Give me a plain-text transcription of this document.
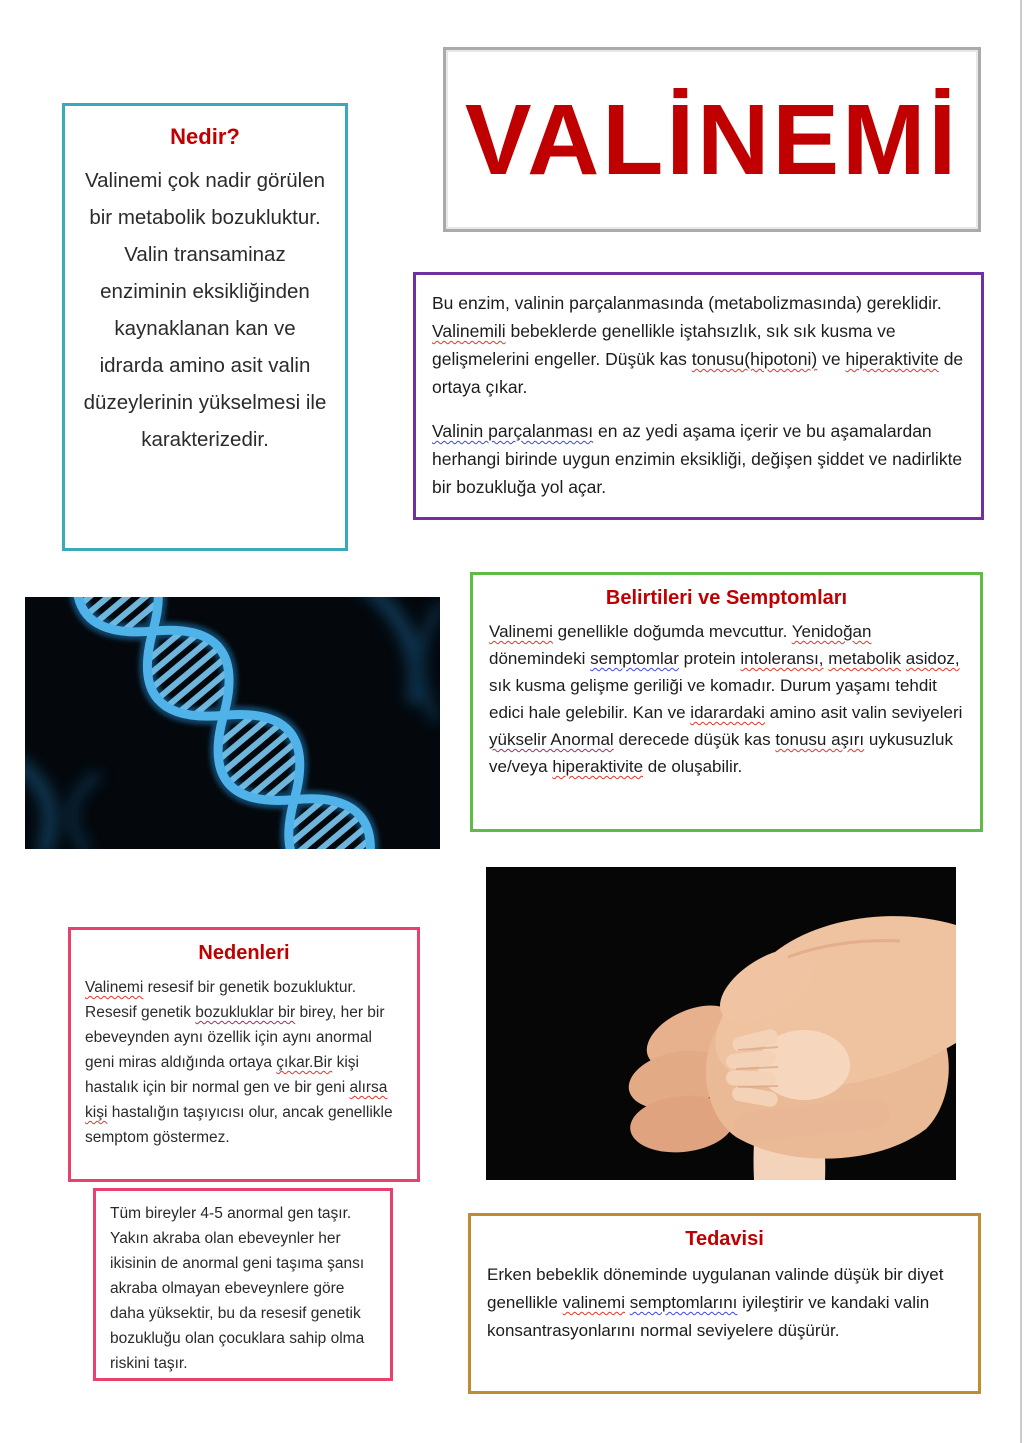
VALİNEMİ
Nedir?

Valinemi çok nadir görülen bir metabolik bozukluktur. Valin transaminaz enziminin eksikliğinden kaynaklanan kan ve idrarda amino asit valin düzeylerinin yükselmesi ile karakterizedir.

Bu enzim, valinin parçalanmasında (metabolizmasında) gereklidir. Valinemili bebeklerde genellikle iştahsızlık, sık sık kusma ve gelişmelerini engeller. Düşük kas tonusu(hipotoni) ve hiperaktivite de ortaya çıkar.

Valinin parçalanması en az yedi aşama içerir ve bu aşamalardan herhangi birinde uygun enzimin eksikliği, değişen şiddet ve nadirlikte bir bozukluğa yol açar.

Belirtileri ve Semptomları

Valinemi genellikle doğumda mevcuttur. Yenidoğan dönemindeki semptomlar protein intoleransı, metabolik asidoz, sık kusma gelişme geriliği ve komadır. Durum yaşamı tehdit edici hale gelebilir. Kan ve idarardaki amino asit valin seviyeleri yükselir Anormal derecede düşük kas tonusu aşırı uykusuzluk ve/veya hiperaktivite de oluşabilir.

Nedenleri

Valinemi resesif bir genetik bozukluktur. Resesif genetik bozukluklar bir birey, her bir ebeveynden aynı özellik için aynı anormal geni miras aldığında ortaya çıkar.Bir kişi hastalık için bir normal gen ve bir geni alırsa kişi hastalığın taşıyıcısı olur, ancak genellikle semptom göstermez.

Tüm bireyler 4-5 anormal gen taşır. Yakın akraba olan ebeveynler her ikisinin de anormal geni taşıma şansı akraba olmayan ebeveynlere göre daha yüksektir, bu da resesif genetik bozukluğu olan çocuklara sahip olma riskini taşır.

Tedavisi

Erken bebeklik döneminde uygulanan valinde düşük bir diyet genellikle valinemi semptomlarını iyileştirir ve kandaki valin konsantrasyonlarını normal seviyelere düşürür.
